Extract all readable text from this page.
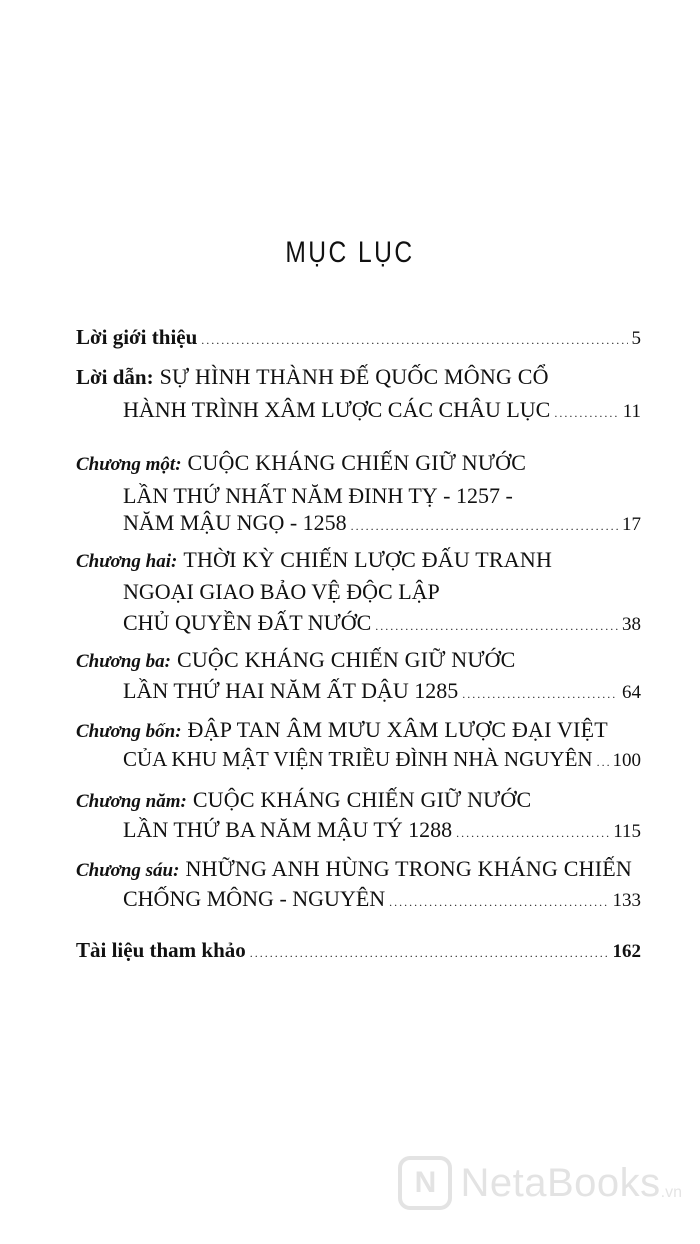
MỤC LỤC
Lời giới thiệu .....	5
Lời dẫn: SỰ HÌNH THÀNH ĐẾ QUỐC MÔNG CỔ
HÀNH TRÌNH XÂM LƯỢC CÁC CHÂU LỤC .....	11
Chương một: CUỘC KHÁNG CHIẾN GIỮ NƯỚC
LẦN THỨ NHẤT NĂM ĐINH TỴ - 1257 -
NĂM MẬU NGỌ - 1258 .....	17
Chương hai: THỜI KỲ CHIẾN LƯỢC ĐẤU TRANH
NGOẠI GIAO BẢO VỆ ĐỘC LẬP
CHỦ QUYỀN ĐẤT NƯỚC .....	38
Chương ba: CUỘC KHÁNG CHIẾN GIỮ NƯỚC
LẦN THỨ HAI NĂM ẤT DẬU 1285 .....	64
Chương bốn: ĐẬP TAN ÂM MƯU XÂM LƯỢC ĐẠI VIỆT
CỦA KHU MẬT VIỆN TRIỀU ĐÌNH NHÀ NGUYÊN ..... 100
Chương năm: CUỘC KHÁNG CHIẾN GIỮ NƯỚC
LẦN THỨ BA NĂM MẬU TÝ 1288 .....	115
Chương sáu: NHỮNG ANH HÙNG TRONG KHÁNG CHIẾN
CHỐNG MÔNG - NGUYÊN .....	133
Tài liệu tham khảo .....	162
N NetaBooks .vn
